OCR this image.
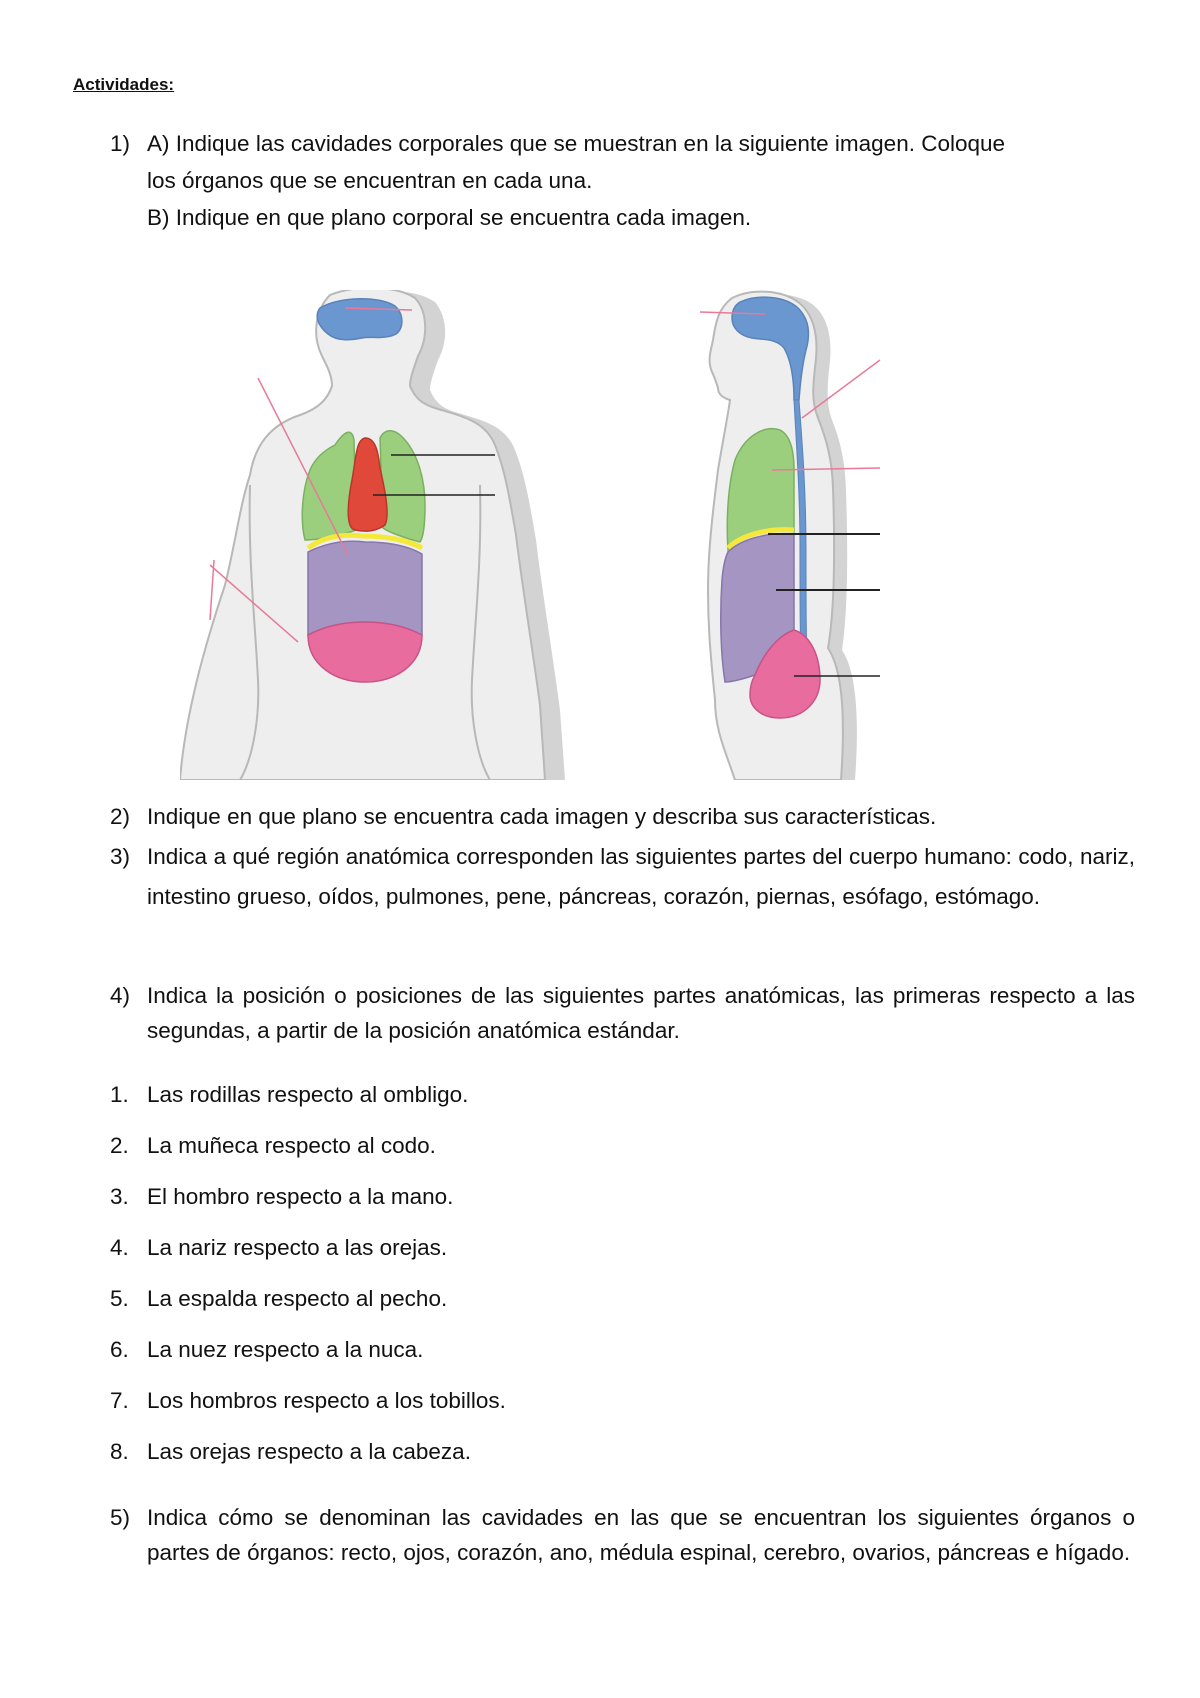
Actividades:
1) A) Indique las cavidades corporales que se muestran en la siguiente imagen. Coloque
los órganos que se encuentran en cada una.
B) Indique en que plano corporal se encuentra cada imagen.
2) Indique en que plano se encuentra cada imagen y describa sus características.
3) Indica a qué región anatómica corresponden las siguientes partes del cuerpo humano: codo, nariz, intestino grueso, oídos, pulmones, pene, páncreas, corazón, piernas, esófago, estómago.
4) Indica la posición o posiciones de las siguientes partes anatómicas, las primeras respecto a las segundas, a partir de la posición anatómica estándar.
1. Las rodillas respecto al ombligo.
2. La muñeca respecto al codo.
3. El hombro respecto a la mano.
4. La nariz respecto a las orejas.
5. La espalda respecto al pecho.
6. La nuez respecto a la nuca.
7. Los hombros respecto a los tobillos.
8. Las orejas respecto a la cabeza.
5) Indica cómo se denominan las cavidades en las que se encuentran los siguientes órganos o partes de órganos: recto, ojos, corazón, ano, médula espinal, cerebro, ovarios, páncreas e hígado.
